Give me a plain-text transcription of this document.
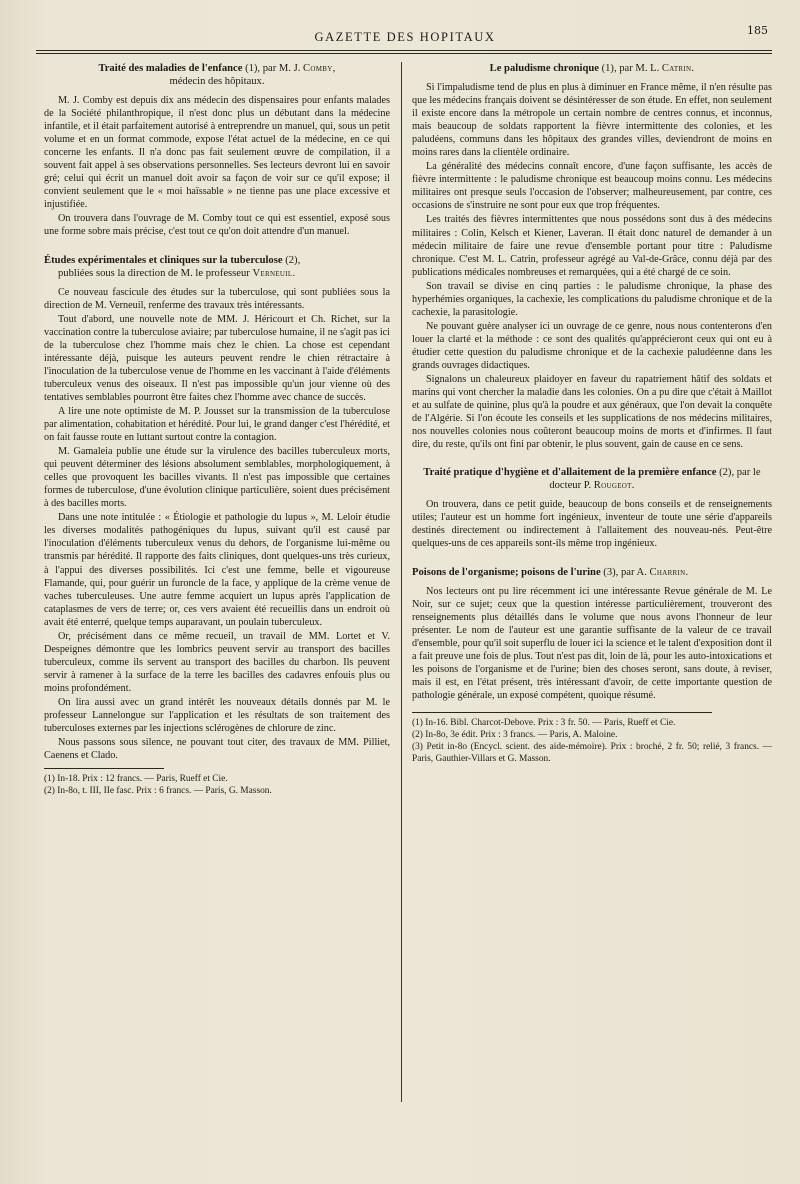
GAZETTE DES HOPITAUX	185
Traité des maladies de l'enfance (1), par M. J. Comby,
médecin des hôpitaux.

M. J. Comby est depuis dix ans médecin des dispensaires pour enfants malades de la Société philanthropique, il n'est donc plus un débutant dans la médecine infantile, et il était parfaitement autorisé à entreprendre un manuel, qui, sous un petit volume et en un format commode, expose l'état actuel de la médecine, en ce qui concerne les enfants. Il n'a donc pas fait seulement œuvre de compilation, il a souvent fait appel à ses observations personnelles. Ses lecteurs devront lui en savoir gré; celui qui écrit un manuel doit avoir sa façon de voir sur ce qu'il expose; il convient seulement que le « moi haïssable » ne tienne pas une place excessive et injustifiée.

On trouvera dans l'ouvrage de M. Comby tout ce qui est essentiel, exposé sous une forme sobre mais précise, c'est tout ce qu'on doit attendre d'un manuel.

Études expérimentales et cliniques sur la tuberculose (2),
publiées sous la direction de M. le professeur Verneuil.

Ce nouveau fascicule des études sur la tuberculose, qui sont publiées sous la direction de M. Verneuil, renferme des travaux très intéressants.

Tout d'abord, une nouvelle note de MM. J. Héricourt et Ch. Richet, sur la vaccination contre la tuberculose aviaire; par tuberculose humaine, il ne s'agit pas ici de la tuberculose chez l'homme mais chez le chien. La chose est cependant intéressante déjà, puisque les auteurs peuvent rendre le chien rétractaire à l'inoculation de la tuberculose venue de l'homme en les vaccinant à l'aide d'éléments tuberculeux venus des oiseaux. Il n'est pas impossible qu'un jour vienne où des tentatives semblables pourront être faites chez l'homme avec chance de succès.

A lire une note optimiste de M. P. Jousset sur la transmission de la tuberculose par alimentation, cohabitation et hérédité. Pour lui, le grand danger c'est l'hérédité, et on fait fausse route en luttant surtout contre la contagion.

M. Gamaleia publie une étude sur la virulence des bacilles tuberculeux morts, qui peuvent déterminer des lésions absolument semblables, morphologiquement, à celles que provoquent les bacilles vivants. Il n'est pas impossible que certaines formes de tuberculose, d'une évolution clinique particulière, soient dues précisément à des bacilles morts.

Dans une note intitulée : « Étiologie et pathologie du lupus », M. Leloir étudie les diverses modalités pathogéniques du lupus, suivant qu'il est causé par l'inoculation d'éléments tuberculeux venus du dehors, de l'organisme lui-même ou transmis par hérédité. Il rapporte des faits cliniques, dont quelques-uns très curieux, à l'appui des diverses possibilités. Ici c'est une femme, belle et vigoureuse Flamande, qui, pour guérir un furoncle de la face, y applique de la crème venue de vaches tuberculeuses. Une autre femme acquiert un lupus après l'application de cataplasmes de vers de terre; or, ces vers avaient été recueillis dans un endroit où avait été enterré, quelque temps auparavant, un poulain tuberculeux.

Or, précisément dans ce même recueil, un travail de MM. Lortet et V. Despeignes démontre que les lombrics peuvent servir au transport des bacilles tuberculeux, comme ils servent au transport des bacilles du charbon. Ils peuvent servir à ramener à la surface de la terre les bacilles des cadavres enfouis plus ou moins profondément.

On lira aussi avec un grand intérêt les nouveaux détails donnés par M. le professeur Lannelongue sur l'application et les résultats de son traitement des tuberculoses externes par les injections sclérogènes de chlorure de zinc.

Nous passons sous silence, ne pouvant tout citer, des travaux de MM. Pilliet, Caenens et Clado.

(1) In-18. Prix : 12 francs. — Paris, Rueff et Cie.
(2) In-8o, t. III, IIe fasc. Prix : 6 francs. — Paris, G. Masson.
Le paludisme chronique (1), par M. L. Catrin.

Si l'impaludisme tend de plus en plus à diminuer en France même, il n'en résulte pas que les médecins français doivent se désintéresser de son étude. En effet, non seulement il existe encore dans la métropole un certain nombre de centres connus, et inconnus, mais beaucoup de soldats rapportent la fièvre intermittente des colonies, et les paludéens, communs dans les hôpitaux des grandes villes, deviendront de moins en moins rares dans la clientèle ordinaire.

La généralité des médecins connaît encore, d'une façon suffisante, les accès de fièvre intermittente : le paludisme chronique est beaucoup moins connu. Les médecins militaires ont presque seuls l'occasion de l'observer; malheureusement, par contre, ces occasions de s'instruire ne sont pour eux que trop fréquentes.

Les traités des fièvres intermittentes que nous possédons sont dus à des médecins militaires : Colin, Kelsch et Kiener, Laveran. Il était donc naturel de demander à un médecin militaire de faire une revue d'ensemble portant pour titre : Paludisme chronique. C'est M. L. Catrin, professeur agrégé au Val-de-Grâce, connu déjà par des publications médicales nombreuses et remarquées, qui a été chargé de ce soin.

Son travail se divise en cinq parties : le paludisme chronique, la phase des hyperhémies organiques, la cachexie, les complications du paludisme chronique et de la cachexie, la parasitologie.

Ne pouvant guère analyser ici un ouvrage de ce genre, nous nous contenterons d'en louer la clarté et la méthode : ce sont des qualités qu'apprécieront ceux qui ont eu à étudier cette question du paludisme chronique et de la cachexie paludéenne dans les grands ouvrages didactiques.

Signalons un chaleureux plaidoyer en faveur du rapatriement hâtif des soldats et marins qui vont chercher la maladie dans les colonies. On a pu dire que c'était à Maillot et au sulfate de quinine, plus qu'à la poudre et aux généraux, que l'on devait la conquête de l'Algérie. Si l'on écoute les conseils et les supplications de nos médecins militaires, nos nouvelles colonies nous coûteront beaucoup moins de morts et d'infirmes. Il faut dire, du reste, qu'ils ont fini par obtenir, le plus souvent, gain de cause en ce sens.

Traité pratique d'hygiène et d'allaitement de la première enfance (2), par le docteur P. Rougeot.

On trouvera, dans ce petit guide, beaucoup de bons conseils et de renseignements utiles; l'auteur est un homme fort ingénieux, inventeur de toute une série d'appareils destinés directement ou indirectement à l'allaitement des nouveau-nés. Peut-être quelques-uns de ces appareils sont-ils même trop ingénieux.

Poisons de l'organisme; poisons de l'urine (3), par A. Charrin.

Nos lecteurs ont pu lire récemment ici une intéressante Revue générale de M. Le Noir, sur ce sujet; ceux que la question intéresse particulièrement, trouveront des renseignements plus détaillés dans le volume que nous avons l'honneur de leur présenter. Le nom de l'auteur est une garantie suffisante de la valeur de ce travail d'ensemble, pour qu'il soit superflu de louer ici la science et le talent d'exposition dont il a fait preuve une fois de plus. Tout n'est pas dit, loin de là, pour les auto-intoxications et les poisons de l'organisme et de l'urine; bien des choses seront, sans doute, à reviser, mais il est, en l'état présent, très intéressant d'avoir, de cette importante question de pathologie générale, un exposé compétent, quoique résumé.

(1) In-16. Bibl. Charcot-Debove. Prix : 3 fr. 50. — Paris, Rueff et Cie.
(2) In-8o, 3e édit. Prix : 3 francs. — Paris, A. Maloine.
(3) Petit in-8o (Encycl. scient. des aide-mémoire). Prix : broché, 2 fr. 50; relié, 3 francs. — Paris, Gauthier-Villars et G. Masson.
